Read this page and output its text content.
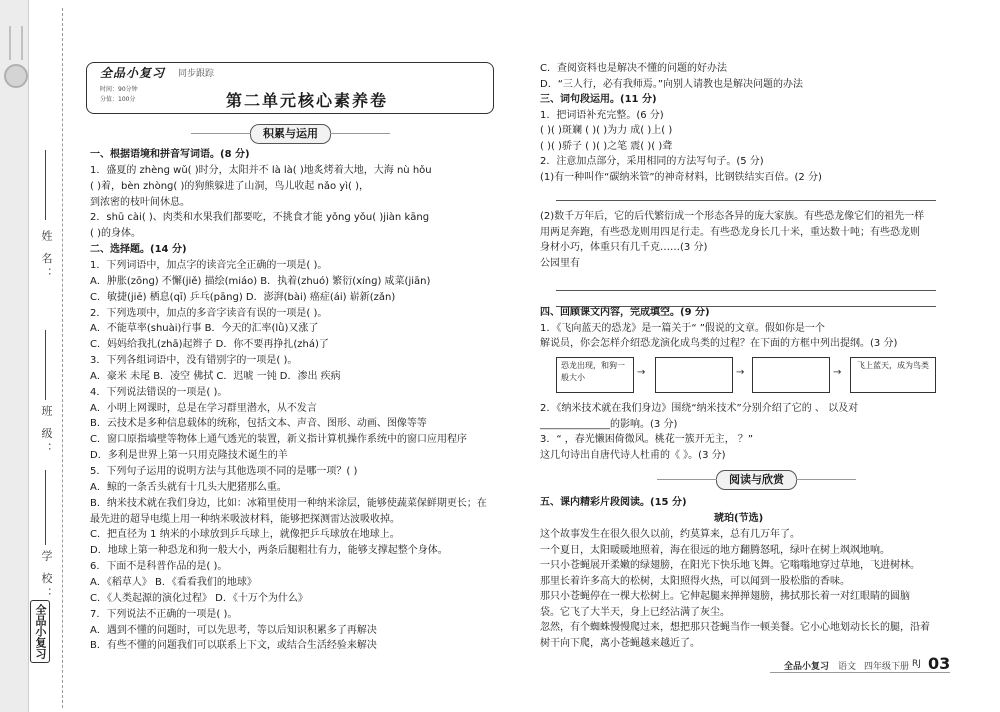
姓 名：
班 级：
学 校：
全品小复习
全品小复习 同步跟踪
时间：90分钟
分值：100分	第二单元核心素养卷
积累与运用
一、根据语境和拼音写词语。(8 分)
1．盛夏的 zhènɡ wǔ( )时分，太阳并不 là là( )地炙烤着大地，大海 nù hǒu
( )着，bèn zhònɡ( )的狗熊躲进了山洞，鸟儿收起 nǎo yì( )，
到浓密的枝叶间休息。
2．shū cài( )、肉类和水果我们都要吃，不挑食才能 yǒnɡ yǒu( )jiàn kānɡ
( )的身体。
二、选择题。(14 分)
1．下列词语中，加点字的读音完全正确的一项是( )。
A．肿胀(zōnɡ) 不懈(jiě) 描绘(miáo) B．执着(zhuó) 繁衍(xínɡ) 咸菜(jiān)
C．敏捷(jiē) 栖息(qī) 乒乓(pānɡ) D．澎湃(bài) 癌症(ái) 崭新(zǎn)
2．下列选项中，加点的多音字读音有误的一项是( )。
A．不能草率(shuài)行事 B．今天的汇率(lǜ)又涨了
C．妈妈给我扎(zhā)起辫子 D．你不要再挣扎(zhá)了
3．下列各组词语中，没有错别字的一项是( )。
A．豪米 未尾 B．凌空 佛拭 C．迟唬 一钝 D．渗出 疾病
4．下列说法错误的一项是( )。
A．小明上网课时，总是在学习群里潜水，从不发言
B．云技术是多种信息载体的统称，包括文本、声音、图形、动画、图像等等
C．窗口原指墙壁等物体上通气透光的装置，新义指计算机操作系统中的窗口应用程序
D．多利是世界上第一只用克隆技术诞生的羊
5．下列句子运用的说明方法与其他选项不同的是哪一项？( )
A．鲸的一条舌头就有十几头大肥猪那么重。
B．纳米技术就在我们身边，比如：冰箱里使用一种纳米涂层，能够使蔬菜保鲜期更长；在
最先进的超导电缆上用一种纳米吸波材料，能够把探测雷达波吸收掉。
C．把直径为 1 纳米的小球放到乒乓球上，就像把乒乓球放在地球上。
D．地球上第一种恐龙和狗一般大小，两条后腿粗壮有力，能够支撑起整个身体。
6．下面不是科普作品的是( )。
A．《稻草人》 B．《看看我们的地球》
C．《人类起源的演化过程》 D．《十万个为什么》
7．下列说法不正确的一项是( )。
A．遇到不懂的问题时，可以先思考，等以后知识积累多了再解决
B．有些不懂的问题我们可以联系上下文，或结合生活经验来解决
C．查阅资料也是解决不懂的问题的好办法
D．“三人行，必有我师焉。”向别人请教也是解决问题的办法
三、词句段运用。(11 分)
1．把词语补充完整。(6 分)
( )( )斑斓 ( )( )为力 成( )上( )
( )( )骄子 ( )( )之笔 震( )( )聋
2．注意加点部分，采用相同的方法写句子。(5 分)
(1)有一种叫作“碳纳米管”的神奇材料，比钢铁结实百倍。(2 分)
(2)数千万年后，它的后代繁衍成一个形态各异的庞大家族。有些恐龙像它们的祖先一样
用两足奔跑，有些恐龙则用四足行走。有些恐龙身长几十米，重达数十吨；有些恐龙则
身材小巧，体重只有几千克……(3 分)
公园里有
四、回顾课文内容，完成填空。(9 分)
1．《飞向蓝天的恐龙》是一篇关于“ ”假说的文章。假如你是一个
解说员，你会怎样介绍恐龙演化成鸟类的过程？在下面的方框中列出提纲。(3 分)
2．《纳米技术就在我们身边》围绕“纳米技术”分别介绍了它的 、 以及对
______________的影响。(3 分)
3．“ ，春光懒困倚微风。桃花一簇开无主， ？”
这几句诗出自唐代诗人杜甫的《 》。(3 分)
五、课内精彩片段阅读。(15 分)
琥珀(节选)
这个故事发生在很久很久以前，约莫算来，总有几万年了。
一个夏日，太阳暖暖地照着，海在很远的地方翻腾怒吼，绿叶在树上飒飒地响。
一只小苍蝇展开柔嫩的绿翅膀，在阳光下快乐地飞舞。它嗡嗡地穿过草地，飞进树林。
那里长着许多高大的松树，太阳照得火热，可以闻到一股松脂的香味。
那只小苍蝇停在一棵大松树上。它伸起腿来掸掸翅膀，拂拭那长着一对红眼睛的圆脑
袋。它飞了大半天，身上已经沾满了灰尘。
忽然，有个蜘蛛慢慢爬过来，想把那只苍蝇当作一顿美餐。它小心地划动长长的腿，沿着
树干向下爬，离小苍蝇越来越近了。
恐龙出现，和狗一般大小	→	→	→
飞上蓝天，成为鸟类
阅读与欣赏
全品小复习 语文 四年级下册 RJ 03
